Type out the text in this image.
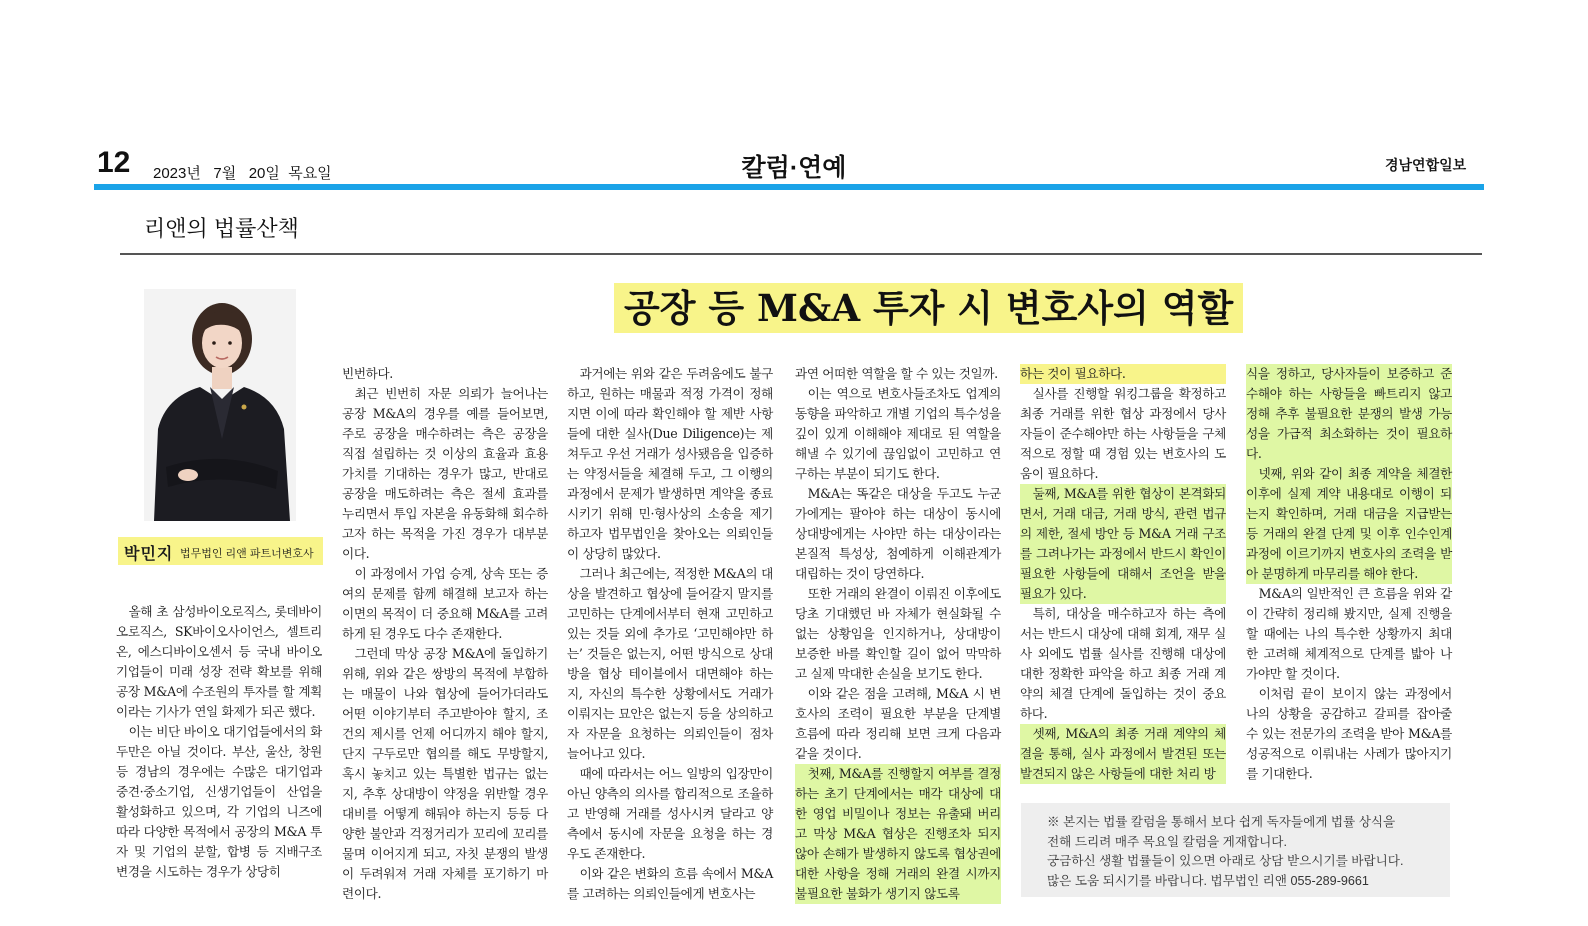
12 2023년   7월   20일  목요일	칼럼·연예	경남연합일보
리앤의 법률산책
공장 등 M&A 투자 시 변호사의 역할
박민지 법무법인 리앤 파트너변호사

올해 초 삼성바이오로직스, 롯데바이오로직스, SK바이오사이언스, 셀트리온, 에스디바이오센서 등 국내 바이오 기업들이 미래 성장 전략 확보를 위해 공장 M&A에 수조원의 투자를 할 계획이라는 기사가 연일 화제가 되곤 했다.

이는 비단 바이오 대기업들에서의 화두만은 아닐 것이다. 부산, 울산, 창원 등 경남의 경우에는 수많은 대기업과 중견·중소기업, 신생기업들이 산업을 활성화하고 있으며, 각 기업의 니즈에 따라 다양한 목적에서 공장의 M&A 투자 및 기업의 분할, 합병 등 지배구조 변경을 시도하는 경우가 상당히

빈번하다.

최근 빈번히 자문 의뢰가 늘어나는 공장 M&A의 경우를 예를 들어보면, 주로 공장을 매수하려는 측은 공장을 직접 설립하는 것 이상의 효율과 효용가치를 기대하는 경우가 많고, 반대로 공장을 매도하려는 측은 절세 효과를 누리면서 투입 자본을 유동화해 회수하고자 하는 목적을 가진 경우가 대부분이다.

이 과정에서 가업 승계, 상속 또는 증여의 문제를 함께 해결해 보고자 하는 이면의 목적이 더 중요해 M&A를 고려하게 된 경우도 다수 존재한다.

그런데 막상 공장 M&A에 돌입하기 위해, 위와 같은 쌍방의 목적에 부합하는 매물이 나와 협상에 들어가더라도 어떤 이야기부터 주고받아야 할지, 조건의 제시를 언제 어디까지 해야 할지, 단지 구두로만 협의를 해도 무방할지, 혹시 놓치고 있는 특별한 법규는 없는지, 추후 상대방이 약정을 위반할 경우 대비를 어떻게 해둬야 하는지 등등 다양한 불안과 걱정거리가 꼬리에 꼬리를 물며 이어지게 되고, 자칫 분쟁의 발생이 두려워져 거래 자체를 포기하기 마련이다.

과거에는 위와 같은 두려움에도 불구하고, 원하는 매물과 적정 가격이 정해지면 이에 따라 확인해야 할 제반 사항들에 대한 실사(Due Diligence)는 제쳐두고 우선 거래가 성사됐음을 입증하는 약정서들을 체결해 두고, 그 이행의 과정에서 문제가 발생하면 계약을 종료시키기 위해 민·형사상의 소송을 제기하고자 법무법인을 찾아오는 의뢰인들이 상당히 많았다.

그러나 최근에는, 적정한 M&A의 대상을 발견하고 협상에 들어갈지 말지를 고민하는 단계에서부터 현재 고민하고 있는 것들 외에 추가로 ‘고민해야만 하는’ 것들은 없는지, 어떤 방식으로 상대방을 협상 테이블에서 대면해야 하는지, 자신의 특수한 상황에서도 거래가 이뤄지는 묘안은 없는지 등을 상의하고자 자문을 요청하는 의뢰인들이 점차 늘어나고 있다.

때에 따라서는 어느 일방의 입장만이 아닌 양측의 의사를 합리적으로 조율하고 반영해 거래를 성사시켜 달라고 양측에서 동시에 자문을 요청을 하는 경우도 존재한다.

이와 같은 변화의 흐름 속에서 M&A를 고려하는 의뢰인들에게 변호사는

과연 어떠한 역할을 할 수 있는 것일까.

이는 역으로 변호사들조차도 업계의 동향을 파악하고 개별 기업의 특수성을 깊이 있게 이해해야 제대로 된 역할을 해낼 수 있기에 끊임없이 고민하고 연구하는 부분이 되기도 한다.

M&A는 똑같은 대상을 두고도 누군가에게는 팔아야 하는 대상이 동시에 상대방에게는 사야만 하는 대상이라는 본질적 특성상, 첨예하게 이해관계가 대립하는 것이 당연하다.

또한 거래의 완결이 이뤄진 이후에도 당초 기대했던 바 자체가 현실화될 수 없는 상황임을 인지하거나, 상대방이 보증한 바를 확인할 길이 없어 막막하고 실제 막대한 손실을 보기도 한다.

이와 같은 점을 고려해, M&A 시 변호사의 조력이 필요한 부분을 단계별 흐름에 따라 정리해 보면 크게 다음과 같을 것이다.

첫째, M&A를 진행할지 여부를 결정하는 초기 단계에서는 매각 대상에 대한 영업 비밀이나 정보는 유출돼 버리고 막상 M&A 협상은 진행조차 되지 않아 손해가 발생하지 않도록 협상권에 대한 사항을 정해 거래의 완결 시까지 불필요한 불화가 생기지 않도록

하는 것이 필요하다.

실사를 진행할 워킹그룹을 확정하고 최종 거래를 위한 협상 과정에서 당사자들이 준수해야만 하는 사항들을 구체적으로 정할 때 경험 있는 변호사의 도움이 필요하다.

둘째, M&A를 위한 협상이 본격화되면서, 거래 대금, 거래 방식, 관련 법규의 제한, 절세 방안 등 M&A 거래 구조를 그려나가는 과정에서 반드시 확인이 필요한 사항들에 대해서 조언을 받을 필요가 있다.

특히, 대상을 매수하고자 하는 측에서는 반드시 대상에 대해 회계, 재무 실사 외에도 법률 실사를 진행해 대상에 대한 정확한 파악을 하고 최종 거래 계약의 체결 단계에 돌입하는 것이 중요하다.

셋째, M&A의 최종 거래 계약의 체결을 통해, 실사 과정에서 발견된 또는 발견되지 않은 사항들에 대한 처리 방

식을 정하고, 당사자들이 보증하고 준수해야 하는 사항들을 빠트리지 않고 정해 추후 불필요한 분쟁의 발생 가능성을 가급적 최소화하는 것이 필요하다.

넷째, 위와 같이 최종 계약을 체결한 이후에 실제 계약 내용대로 이행이 되는지 확인하며, 거래 대금을 지급받는 등 거래의 완결 단계 및 이후 인수인계 과정에 이르기까지 변호사의 조력을 받아 분명하게 마무리를 해야 한다.

M&A의 일반적인 큰 흐름을 위와 같이 간략히 정리해 봤지만, 실제 진행을 할 때에는 나의 특수한 상황까지 최대한 고려해 체계적으로 단계를 밟아 나가야만 할 것이다.

이처럼 끝이 보이지 않는 과정에서 나의 상황을 공감하고 갈피를 잡아줄 수 있는 전문가의 조력을 받아 M&A를 성공적으로 이뤄내는 사례가 많아지기를 기대한다.

※ 본지는 법률 칼럼을 통해서 보다 쉽게 독자들에게 법률 상식을
전해 드리려 매주 목요일 칼럼을 게재합니다.
궁금하신 생활 법률들이 있으면 아래로 상담 받으시기를 바랍니다.
많은 도움 되시기를 바랍니다. 법무법인 리앤 055-289-9661
